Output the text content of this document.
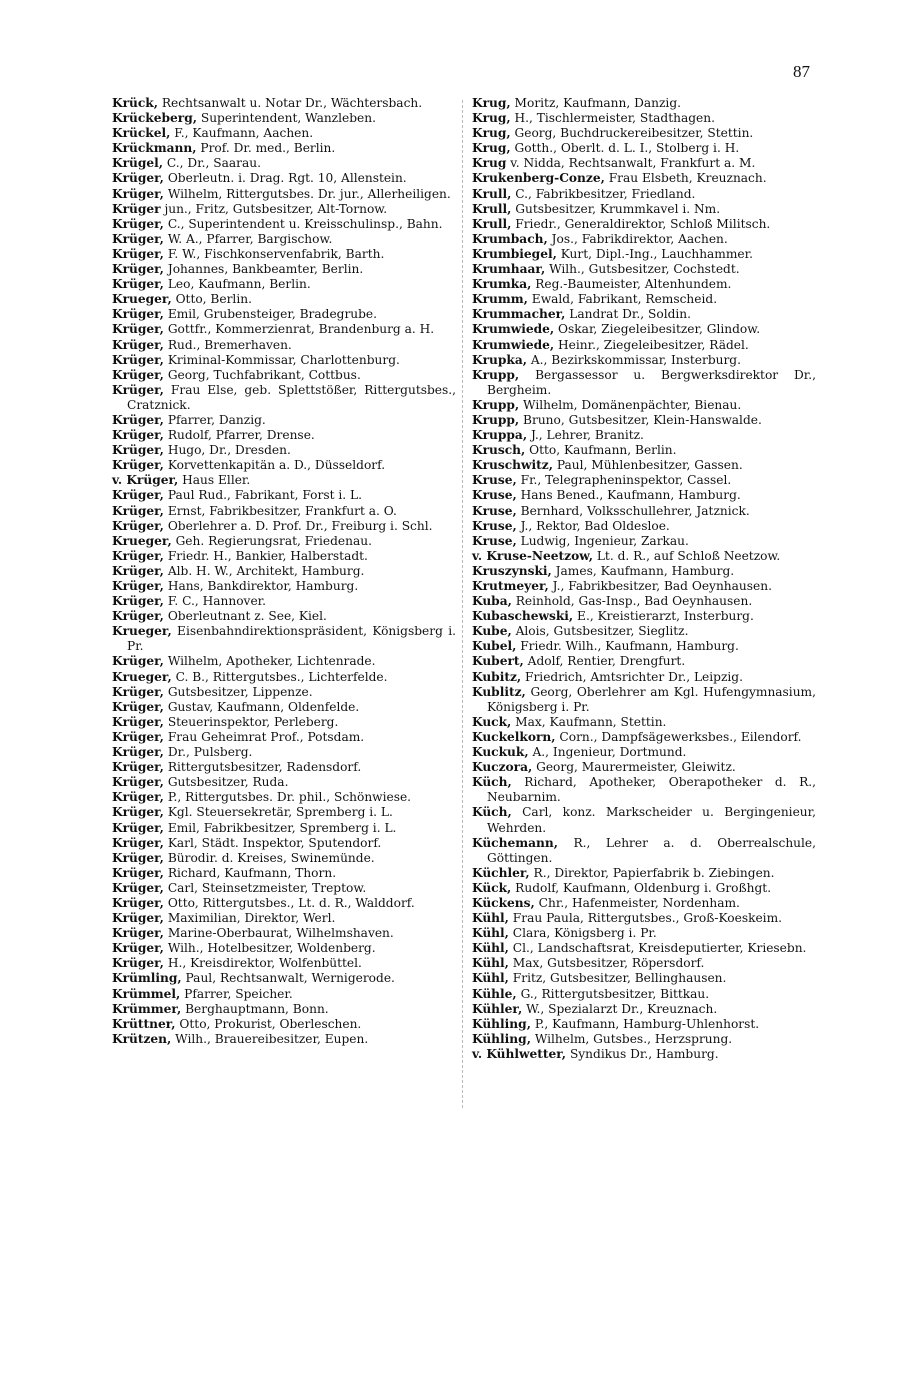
87
Krück, Rechtsanwalt u. Notar Dr., Wächtersbach.
Krückeberg, Superintendent, Wanzleben.
Krückel, F., Kaufmann, Aachen.
Krückmann, Prof. Dr. med., Berlin.
Krügel, C., Dr., Saarau.
Krüger, Oberleutn. i. Drag. Rgt. 10, Allenstein.
Krüger, Wilhelm, Rittergutsbes. Dr. jur., Allerheiligen.
Krüger jun., Fritz, Gutsbesitzer, Alt-Tornow.
Krüger, C., Superintendent u. Kreisschulinsp., Bahn.
Krüger, W. A., Pfarrer, Bargischow.
Krüger, F. W., Fischkonservenfabrik, Barth.
Krüger, Johannes, Bankbeamter, Berlin.
Krüger, Leo, Kaufmann, Berlin.
Krueger, Otto, Berlin.
Krüger, Emil, Grubensteiger, Bradegrube.
Krüger, Gottfr., Kommerzienrat, Brandenburg a. H.
Krüger, Rud., Bremerhaven.
Krüger, Kriminal-Kommissar, Charlottenburg.
Krüger, Georg, Tuchfabrikant, Cottbus.
Krüger, Frau Else, geb. Splettstößer, Rittergutsbes., Cratznick.
Krüger, Pfarrer, Danzig.
Krüger, Rudolf, Pfarrer, Drense.
Krüger, Hugo, Dr., Dresden.
Krüger, Korvettenkapitän a. D., Düsseldorf.
v. Krüger, Haus Eller.
Krüger, Paul Rud., Fabrikant, Forst i. L.
Krüger, Ernst, Fabrikbesitzer, Frankfurt a. O.
Krüger, Oberlehrer a. D. Prof. Dr., Freiburg i. Schl.
Krueger, Geh. Regierungsrat, Friedenau.
Krüger, Friedr. H., Bankier, Halberstadt.
Krüger, Alb. H. W., Architekt, Hamburg.
Krüger, Hans, Bankdirektor, Hamburg.
Krüger, F. C., Hannover.
Krüger, Oberleutnant z. See, Kiel.
Krueger, Eisenbahndirektionspräsident, Königsberg i. Pr.
Krüger, Wilhelm, Apotheker, Lichtenrade.
Krueger, C. B., Rittergutsbes., Lichterfelde.
Krüger, Gutsbesitzer, Lippenze.
Krüger, Gustav, Kaufmann, Oldenfelde.
Krüger, Steuerinspektor, Perleberg.
Krüger, Frau Geheimrat Prof., Potsdam.
Krüger, Dr., Pulsberg.
Krüger, Rittergutsbesitzer, Radensdorf.
Krüger, Gutsbesitzer, Ruda.
Krüger, P., Rittergutsbes. Dr. phil., Schönwiese.
Krüger, Kgl. Steuersekretär, Spremberg i. L.
Krüger, Emil, Fabrikbesitzer, Spremberg i. L.
Krüger, Karl, Städt. Inspektor, Sputendorf.
Krüger, Bürodir. d. Kreises, Swinemünde.
Krüger, Richard, Kaufmann, Thorn.
Krüger, Carl, Steinsetzmeister, Treptow.
Krüger, Otto, Rittergutsbes., Lt. d. R., Walddorf.
Krüger, Maximilian, Direktor, Werl.
Krüger, Marine-Oberbaurat, Wilhelmshaven.
Krüger, Wilh., Hotelbesitzer, Woldenberg.
Krüger, H., Kreisdirektor, Wolfenbüttel.
Krümling, Paul, Rechtsanwalt, Wernigerode.
Krümmel, Pfarrer, Speicher.
Krümmer, Berghauptmann, Bonn.
Krüttner, Otto, Prokurist, Oberleschen.
Krützen, Wilh., Brauereibesitzer, Eupen.
Krug, Moritz, Kaufmann, Danzig.
Krug, H., Tischlermeister, Stadthagen.
Krug, Georg, Buchdruckereibesitzer, Stettin.
Krug, Gotth., Oberlt. d. L. I., Stolberg i. H.
Krug v. Nidda, Rechtsanwalt, Frankfurt a. M.
Krukenberg-Conze, Frau Elsbeth, Kreuznach.
Krull, C., Fabrikbesitzer, Friedland.
Krull, Gutsbesitzer, Krummkavel i. Nm.
Krull, Friedr., Generaldirektor, Schloß Militsch.
Krumbach, Jos., Fabrikdirektor, Aachen.
Krumbiegel, Kurt, Dipl.-Ing., Lauchhammer.
Krumhaar, Wilh., Gutsbesitzer, Cochstedt.
Krumka, Reg.-Baumeister, Altenhundem.
Krumm, Ewald, Fabrikant, Remscheid.
Krummacher, Landrat Dr., Soldin.
Krumwiede, Oskar, Ziegeleibesitzer, Glindow.
Krumwiede, Heinr., Ziegeleibesitzer, Rädel.
Krupka, A., Bezirkskommissar, Insterburg.
Krupp, Bergassessor u. Bergwerksdirektor Dr., Bergheim.
Krupp, Wilhelm, Domänenpächter, Bienau.
Krupp, Bruno, Gutsbesitzer, Klein-Hanswalde.
Kruppa, J., Lehrer, Branitz.
Krusch, Otto, Kaufmann, Berlin.
Kruschwitz, Paul, Mühlenbesitzer, Gassen.
Kruse, Fr., Telegrapheninspektor, Cassel.
Kruse, Hans Bened., Kaufmann, Hamburg.
Kruse, Bernhard, Volksschullehrer, Jatznick.
Kruse, J., Rektor, Bad Oldesloe.
Kruse, Ludwig, Ingenieur, Zarkau.
v. Kruse-Neetzow, Lt. d. R., auf Schloß Neetzow.
Kruszynski, James, Kaufmann, Hamburg.
Krutmeyer, J., Fabrikbesitzer, Bad Oeynhausen.
Kuba, Reinhold, Gas-Insp., Bad Oeynhausen.
Kubaschewski, E., Kreistierarzt, Insterburg.
Kube, Alois, Gutsbesitzer, Sieglitz.
Kubel, Friedr. Wilh., Kaufmann, Hamburg.
Kubert, Adolf, Rentier, Drengfurt.
Kubitz, Friedrich, Amtsrichter Dr., Leipzig.
Kublitz, Georg, Oberlehrer am Kgl. Hufengymnasium, Königsberg i. Pr.
Kuck, Max, Kaufmann, Stettin.
Kuckelkorn, Corn., Dampfsägewerksbes., Eilendorf.
Kuckuk, A., Ingenieur, Dortmund.
Kuczora, Georg, Maurermeister, Gleiwitz.
Küch, Richard, Apotheker, Oberapotheker d. R., Neubarnim.
Küch, Carl, konz. Markscheider u. Bergingenieur, Wehrden.
Küchemann, R., Lehrer a. d. Oberrealschule, Göttingen.
Küchler, R., Direktor, Papierfabrik b. Ziebingen.
Kück, Rudolf, Kaufmann, Oldenburg i. Großhgt.
Kückens, Chr., Hafenmeister, Nordenham.
Kühl, Frau Paula, Rittergutsbes., Groß-Koeskeim.
Kühl, Clara, Königsberg i. Pr.
Kühl, Cl., Landschaftsrat, Kreisdeputierter, Kriesebn.
Kühl, Max, Gutsbesitzer, Röpersdorf.
Kühl, Fritz, Gutsbesitzer, Bellinghausen.
Kühle, G., Rittergutsbesitzer, Bittkau.
Kühler, W., Spezialarzt Dr., Kreuznach.
Kühling, P., Kaufmann, Hamburg-Uhlenhorst.
Kühling, Wilhelm, Gutsbes., Herzsprung.
v. Kühlwetter, Syndikus Dr., Hamburg.
